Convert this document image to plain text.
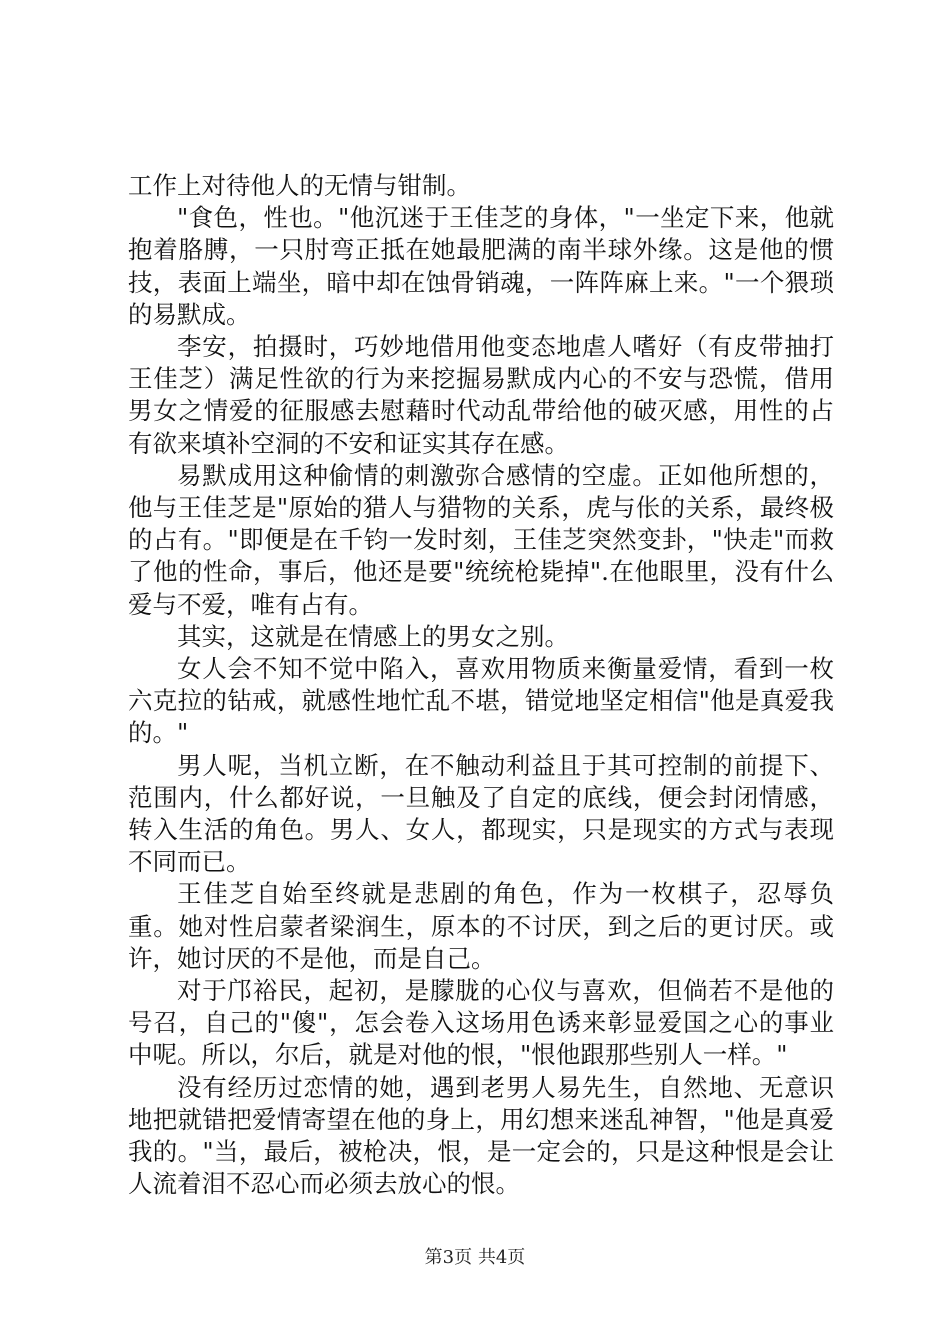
工作上对待他人的无情与钳制。

"食色，性也。"他沉迷于王佳芝的身体，"一坐定下来，他就抱着胳膊，一只肘弯正抵在她最肥满的南半球外缘。这是他的惯技，表面上端坐，暗中却在蚀骨销魂，一阵阵麻上来。"一个猥琐的易默成。

李安，拍摄时，巧妙地借用他变态地虐人嗜好（有皮带抽打王佳芝）满足性欲的行为来挖掘易默成内心的不安与恐慌，借用男女之情爱的征服感去慰藉时代动乱带给他的破灭感，用性的占有欲来填补空洞的不安和证实其存在感。

易默成用这种偷情的刺激弥合感情的空虚。正如他所想的，他与王佳芝是"原始的猎人与猎物的关系，虎与伥的关系，最终极的占有。"即便是在千钧一发时刻，王佳芝突然变卦，"快走"而救了他的性命，事后，他还是要"统统枪毙掉".在他眼里，没有什么爱与不爱，唯有占有。

其实，这就是在情感上的男女之别。

女人会不知不觉中陷入，喜欢用物质来衡量爱情，看到一枚六克拉的钻戒，就感性地忙乱不堪，错觉地坚定相信"他是真爱我的。"

男人呢，当机立断，在不触动利益且于其可控制的前提下、范围内，什么都好说，一旦触及了自定的底线，便会封闭情感，转入生活的角色。男人、女人，都现实，只是现实的方式与表现不同而已。

王佳芝自始至终就是悲剧的角色，作为一枚棋子，忍辱负重。她对性启蒙者梁润生，原本的不讨厌，到之后的更讨厌。或许，她讨厌的不是他，而是自己。

对于邝裕民，起初，是朦胧的心仪与喜欢，但倘若不是他的号召，自己的"傻"，怎会卷入这场用色诱来彰显爱国之心的事业中呢。所以，尔后，就是对他的恨，"恨他跟那些别人一样。"

没有经历过恋情的她，遇到老男人易先生，自然地、无意识地把就错把爱情寄望在他的身上，用幻想来迷乱神智，"他是真爱我的。"当，最后，被枪决，恨，是一定会的，只是这种恨是会让人流着泪不忍心而必须去放心的恨。

第3页 共4页
